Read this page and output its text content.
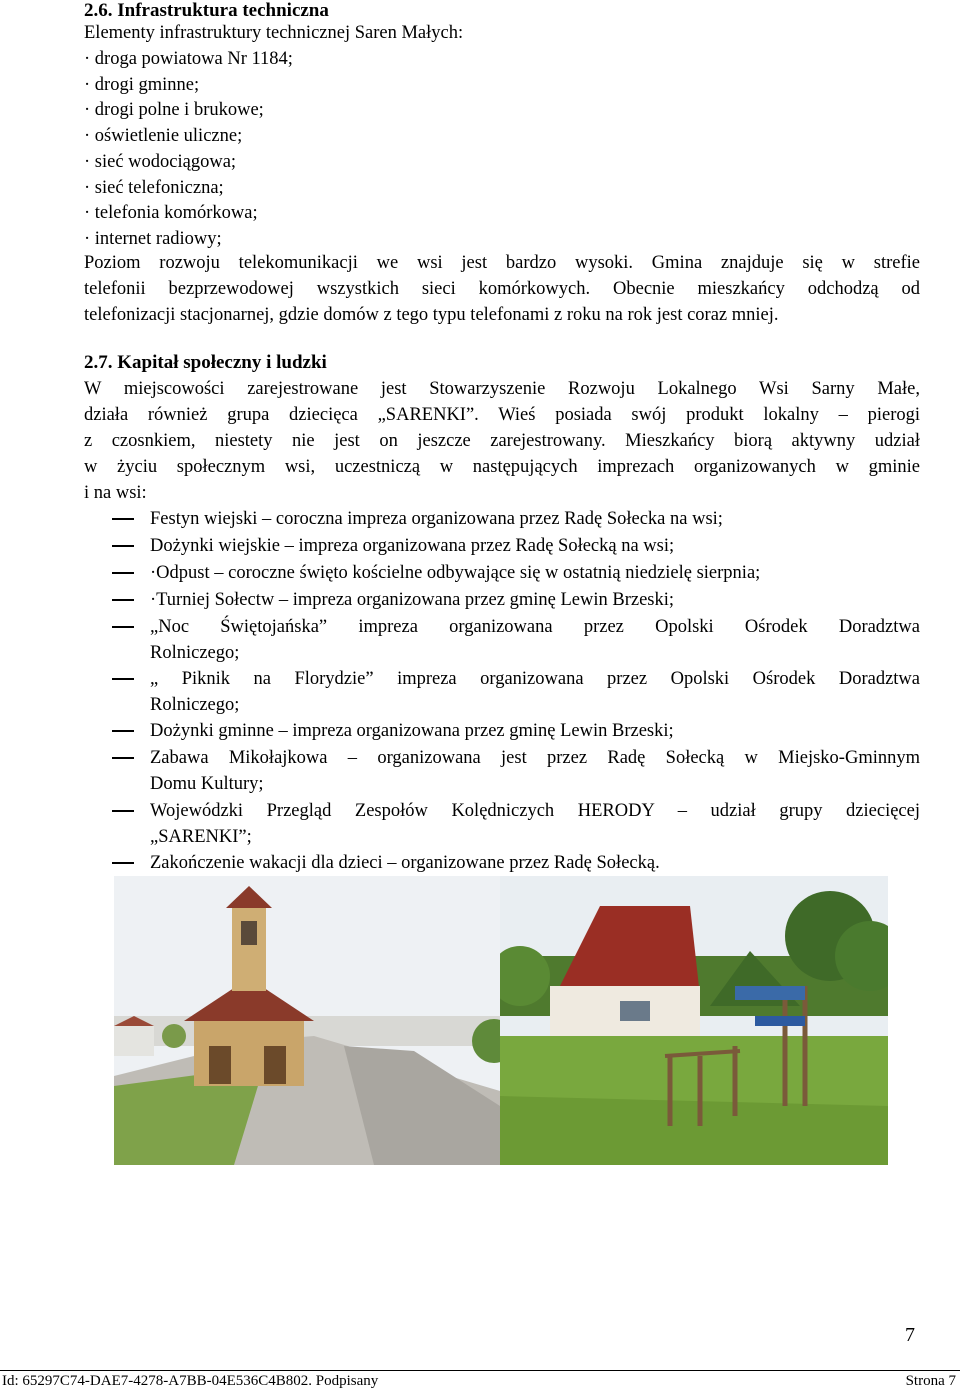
2.6. Infrastruktura techniczna
Elementy infrastruktury technicznej Saren Małych:
· droga powiatowa Nr 1184;
· drogi gminne;
· drogi polne i brukowe;
· oświetlenie uliczne;
· sieć wodociągowa;
· sieć telefoniczna;
· telefonia komórkowa;
· internet radiowy;
Poziom rozwoju telekomunikacji we wsi jest bardzo wysoki. Gmina znajduje się w strefie
telefonii bezprzewodowej wszystkich sieci komórkowych. Obecnie mieszkańcy odchodzą od
telefonizacji stacjonarnej, gdzie domów z tego typu telefonami z roku na rok jest coraz mniej.
2.7. Kapitał społeczny i ludzki
W miejscowości zarejestrowane jest Stowarzyszenie Rozwoju Lokalnego Wsi Sarny Małe,
działa również grupa dziecięca „SARENKI”. Wieś posiada swój produkt lokalny – pierogi
z czosnkiem, niestety nie jest on jeszcze zarejestrowany. Mieszkańcy biorą aktywny udział
w życiu społecznym wsi, uczestniczą w następujących imprezach organizowanych w gminie
i na wsi:
Festyn wiejski – coroczna impreza organizowana przez Radę Sołecka na wsi;
Dożynki wiejskie – impreza organizowana przez Radę Sołecką na wsi;
·Odpust – coroczne święto kościelne odbywające się w ostatnią niedzielę sierpnia;
·Turniej Sołectw – impreza organizowana przez gminę Lewin Brzeski;
„Noc Świętojańska” impreza organizowana przez Opolski Ośrodek Doradztwa
Rolniczego;
„ Piknik na Florydzie” impreza organizowana przez Opolski Ośrodek Doradztwa
Rolniczego;
Dożynki gminne – impreza organizowana przez gminę Lewin Brzeski;
Zabawa Mikołajkowa – organizowana jest przez Radę Sołecką w Miejsko-Gminnym
Domu Kultury;
Wojewódzki Przegląd Zespołów Kolędniczych HERODY – udział grupy dziecięcej
„SARENKI”;
Zakończenie wakacji dla dzieci – organizowane przez Radę Sołecką.
7
Id: 65297C74-DAE7-4278-A7BB-04E536C4B802. Podpisany	Strona 7
